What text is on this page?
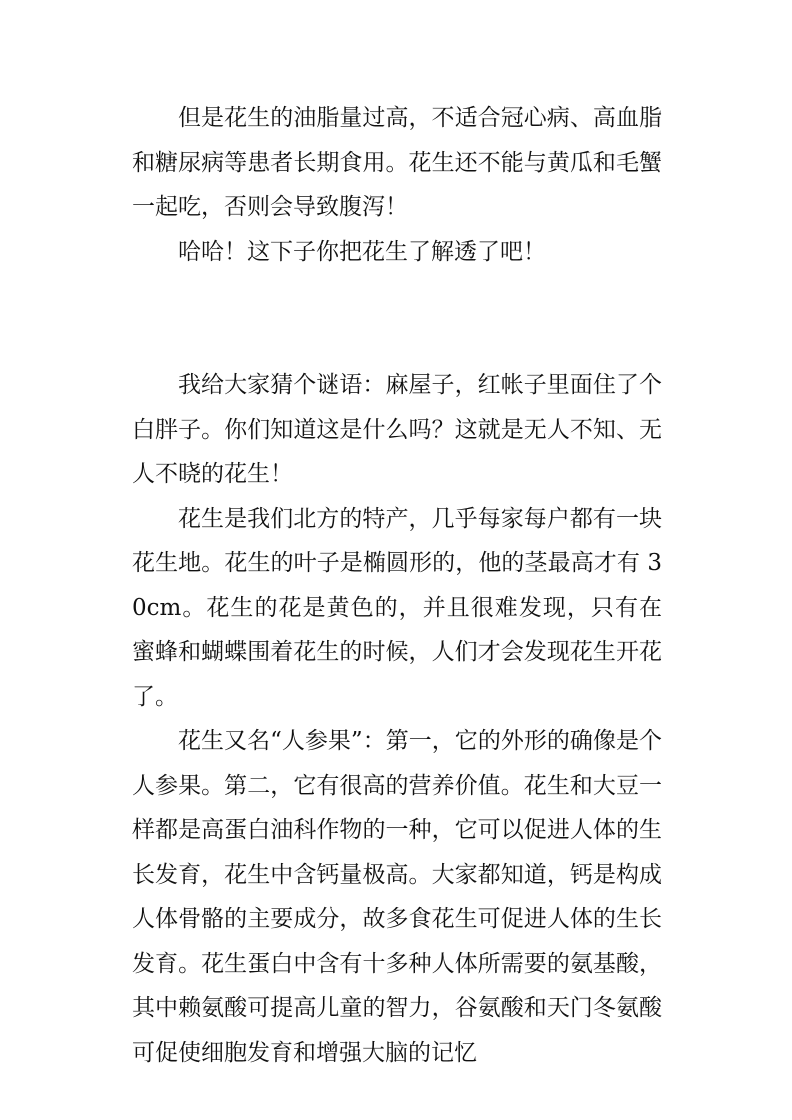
但是花生的油脂量过高，不适合冠心病、高血脂和糖尿病等患者长期食用。花生还不能与黄瓜和毛蟹一起吃，否则会导致腹泻！

哈哈！这下子你把花生了解透了吧！

我给大家猜个谜语：麻屋子，红帐子里面住了个白胖子。你们知道这是什么吗？这就是无人不知、无人不晓的花生！

花生是我们北方的特产，几乎每家每户都有一块花生地。花生的叶子是椭圆形的，他的茎最高才有 30cm。花生的花是黄色的，并且很难发现，只有在蜜蜂和蝴蝶围着花生的时候，人们才会发现花生开花了。

花生又名“人参果”：第一，它的外形的确像是个人参果。第二，它有很高的营养价值。花生和大豆一样都是高蛋白油科作物的一种，它可以促进人体的生长发育，花生中含钙量极高。大家都知道，钙是构成人体骨骼的主要成分，故多食花生可促进人体的生长发育。花生蛋白中含有十多种人体所需要的氨基酸，其中赖氨酸可提高儿童的智力，谷氨酸和天门冬氨酸可促使细胞发育和增强大脑的记忆
